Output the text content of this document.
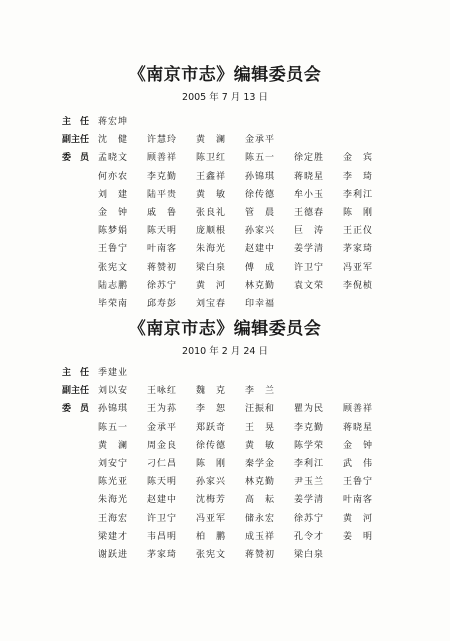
《南京市志》编辑委员会
2005 年 7 月 13 日
主　任 蒋宏坤
副主任 沈　健	许慧玲	黄　澜	金承平
委　员 孟晓文	顾善祥	陈卫红	陈五一	徐定胜	金　宾
何亦农	李克勤	王鑫祥	孙锦琪	蒋晓星	李　琦
刘　建	陆平贵	黄　敏	徐传德	牟小玉	李利江
金　钟	戚　鲁	张良礼	管　晨	王德春	陈　刚
陈梦娟	陈天明	庞顺根	孙家兴	巨　涛	王正仪
王鲁宁	叶南客	朱海光	赵建中	姜学清	茅家琦
张宪文	蒋赞初	梁白泉	傅　成	许卫宁	冯亚军
陆志鹏	徐苏宁	黄　河	林克勤	袁文荣	李倪桢
毕荣南	邱寿彭	刘宝春	印幸福
《南京市志》编辑委员会
2010 年 2 月 24 日
主　任 季建业
副主任 刘以安	王咏红	魏　克	李　兰
委　员 孙锦琪	王为荪	李　恕	汪振和	瞿为民	顾善祥
陈五一	金承平	郑跃奇	王　晃	李克勤	蒋晓星
黄　澜	周金良	徐传德	黄　敏	陈学荣	金　钟
刘安宁	刁仁昌	陈　刚	秦学金	李利江	武　伟
陈光亚	陈天明	孙家兴	林克勤	尹玉兰	王鲁宁
朱海光	赵建中	沈梅芳	高　耘	姜学清	叶南客
王海宏	许卫宁	冯亚军	储永宏	徐苏宁	黄　河
梁建才	韦昌明	柏　鹏	成玉祥	孔令才	姜　明
谢跃进	茅家琦	张宪文	蒋赞初	梁白泉
